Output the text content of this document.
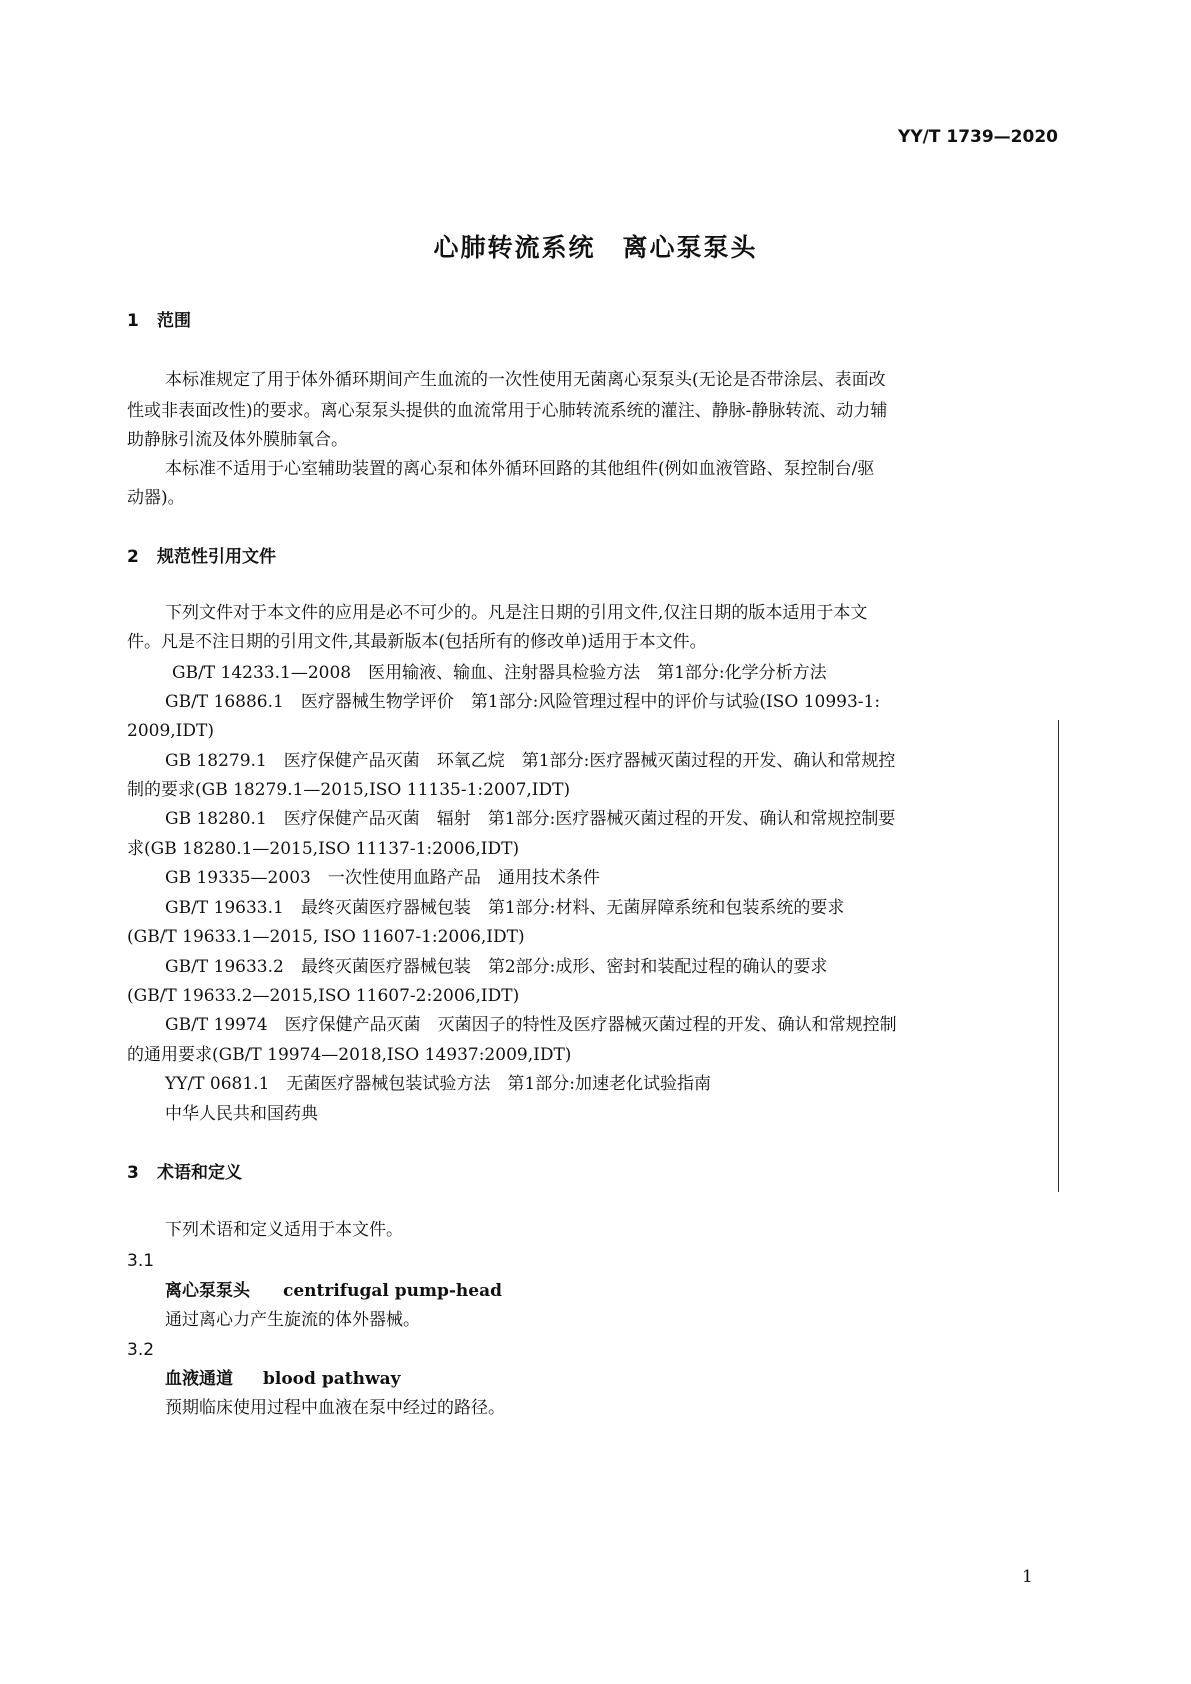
YY/T 1739—2020
心肺转流系统　离心泵泵头
1 范围
本标准规定了用于体外循环期间产生血流的一次性使用无菌离心泵泵头(无论是否带涂层、表面改
性或非表面改性)的要求。离心泵泵头提供的血流常用于心肺转流系统的灌注、静脉-静脉转流、动力辅
助静脉引流及体外膜肺氧合。
本标准不适用于心室辅助装置的离心泵和体外循环回路的其他组件(例如血液管路、泵控制台/驱
动器)。
2 规范性引用文件
下列文件对于本文件的应用是必不可少的。凡是注日期的引用文件,仅注日期的版本适用于本文
件。凡是不注日期的引用文件,其最新版本(包括所有的修改单)适用于本文件。
GB/T 14233.1—2008　医用输液、输血、注射器具检验方法　第1部分:化学分析方法
GB/T 16886.1　医疗器械生物学评价　第1部分:风险管理过程中的评价与试验(ISO 10993-1:
2009,IDT)
GB 18279.1　医疗保健产品灭菌　环氧乙烷　第1部分:医疗器械灭菌过程的开发、确认和常规控
制的要求(GB 18279.1—2015,ISO 11135-1:2007,IDT)
GB 18280.1　医疗保健产品灭菌　辐射　第1部分:医疗器械灭菌过程的开发、确认和常规控制要
求(GB 18280.1—2015,ISO 11137-1:2006,IDT)
GB 19335—2003　一次性使用血路产品　通用技术条件
GB/T 19633.1　最终灭菌医疗器械包装　第1部分:材料、无菌屏障系统和包装系统的要求
(GB/T 19633.1—2015, ISO 11607-1:2006,IDT)
GB/T 19633.2　最终灭菌医疗器械包装　第2部分:成形、密封和装配过程的确认的要求
(GB/T 19633.2—2015,ISO 11607-2:2006,IDT)
GB/T 19974　医疗保健产品灭菌　灭菌因子的特性及医疗器械灭菌过程的开发、确认和常规控制
的通用要求(GB/T 19974—2018,ISO 14937:2009,IDT)
YY/T 0681.1　无菌医疗器械包装试验方法　第1部分:加速老化试验指南
中华人民共和国药典
3 术语和定义
下列术语和定义适用于本文件。
3.1
离心泵泵头 centrifugal pump-head
通过离心力产生旋流的体外器械。
3.2
血液通道 blood pathway
预期临床使用过程中血液在泵中经过的路径。
1
